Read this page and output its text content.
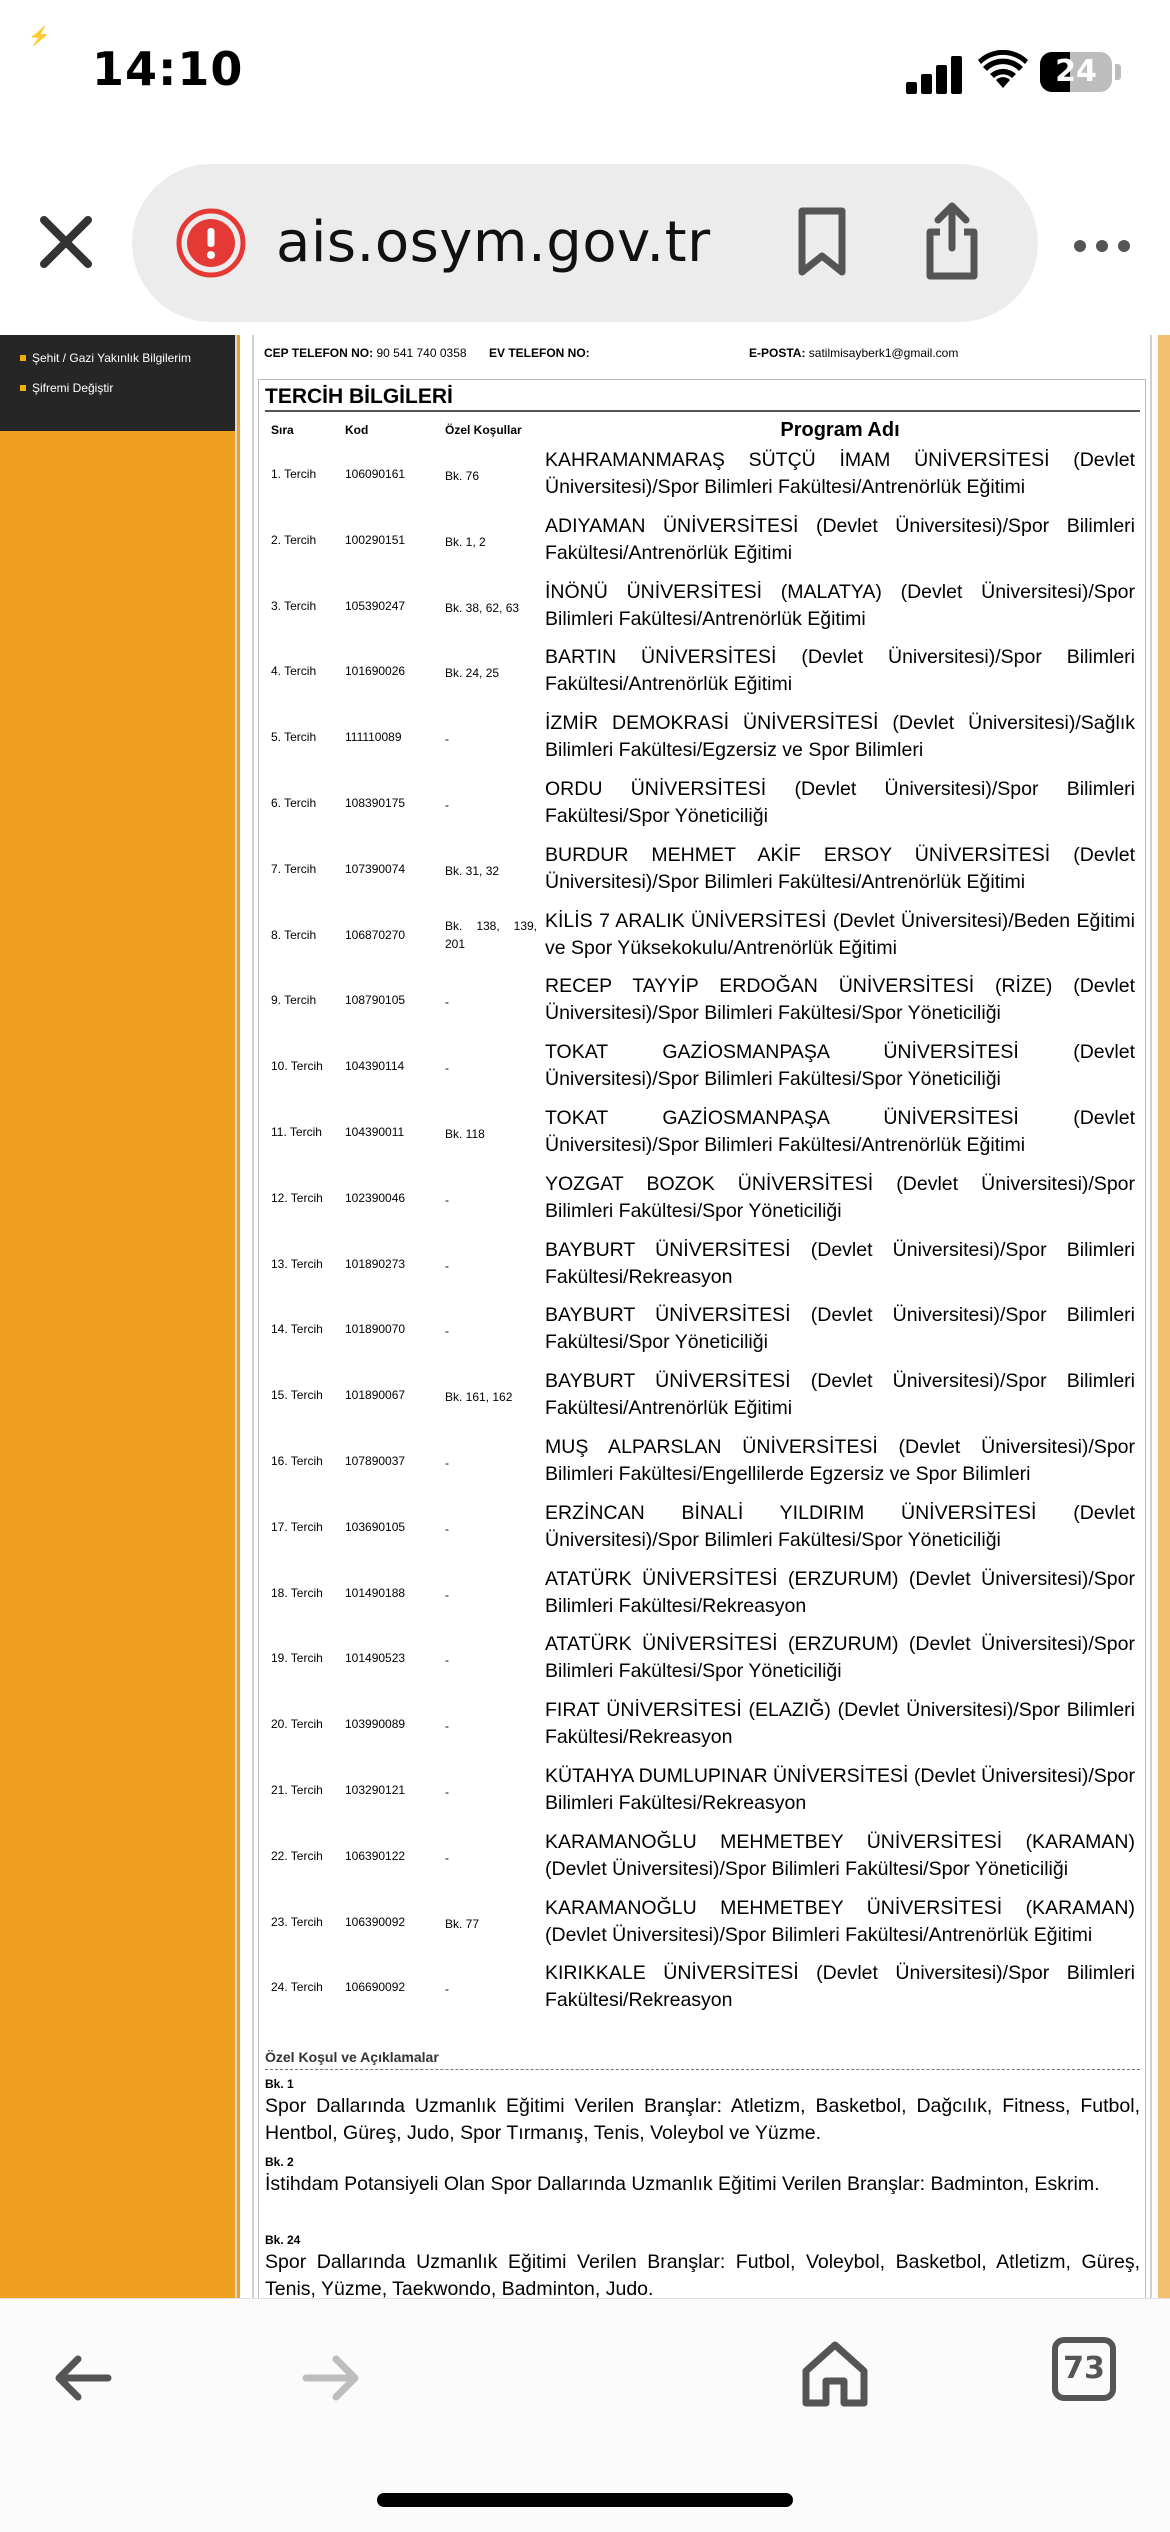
⚡
14:10	24
ais.osym.gov.tr
Şehit / Gazi Yakınlık Bilgilerim
Şifremi Değiştir
CEP TELEFON NO: 90 541 740 0358 EV TELEFON NO:	E-POSTA: satilmisayberk1@gmail.com
TERCİH BİLGİLERİ
Sıra	Kod	Özel Koşullar	Program Adı
1. Tercih 106090161	Bk. 76
KAHRAMANMARAŞ SÜTÇÜ İMAM ÜNİVERSİTESİ (Devlet Üniversitesi)/Spor Bilimleri Fakültesi/Antrenörlük Eğitimi
2. Tercih 100290151	Bk. 1, 2
ADIYAMAN ÜNİVERSİTESİ (Devlet Üniversitesi)/Spor Bilimleri Fakültesi/Antrenörlük Eğitimi
3. Tercih 105390247	Bk. 38, 62, 63
İNÖNÜ ÜNİVERSİTESİ (MALATYA) (Devlet Üniversitesi)/Spor Bilimleri Fakültesi/Antrenörlük Eğitimi
4. Tercih 101690026	Bk. 24, 25
BARTIN ÜNİVERSİTESİ (Devlet Üniversitesi)/Spor Bilimleri Fakültesi/Antrenörlük Eğitimi
5. Tercih 111110089	-
İZMİR DEMOKRASİ ÜNİVERSİTESİ (Devlet Üniversitesi)/Sağlık Bilimleri Fakültesi/Egzersiz ve Spor Bilimleri
6. Tercih 108390175	-
ORDU ÜNİVERSİTESİ (Devlet Üniversitesi)/Spor Bilimleri Fakültesi/Spor Yöneticiliği
7. Tercih 107390074	Bk. 31, 32
BURDUR MEHMET AKİF ERSOY ÜNİVERSİTESİ (Devlet Üniversitesi)/Spor Bilimleri Fakültesi/Antrenörlük Eğitimi
8. Tercih 106870270
Bk. 138, 139, 201
KİLİS 7 ARALIK ÜNİVERSİTESİ (Devlet Üniversitesi)/Beden Eğitimi ve Spor Yüksekokulu/Antrenörlük Eğitimi
9. Tercih 108790105	-
RECEP TAYYİP ERDOĞAN ÜNİVERSİTESİ (RİZE) (Devlet Üniversitesi)/Spor Bilimleri Fakültesi/Spor Yöneticiliği
10. Tercih 104390114	-
TOKAT GAZİOSMANPAŞA ÜNİVERSİTESİ (Devlet Üniversitesi)/Spor Bilimleri Fakültesi/Spor Yöneticiliği
11. Tercih 104390011	Bk. 118
TOKAT GAZİOSMANPAŞA ÜNİVERSİTESİ (Devlet Üniversitesi)/Spor Bilimleri Fakültesi/Antrenörlük Eğitimi
12. Tercih 102390046	-
YOZGAT BOZOK ÜNİVERSİTESİ (Devlet Üniversitesi)/Spor Bilimleri Fakültesi/Spor Yöneticiliği
13. Tercih 101890273	-
BAYBURT ÜNİVERSİTESİ (Devlet Üniversitesi)/Spor Bilimleri Fakültesi/Rekreasyon
14. Tercih 101890070	-
BAYBURT ÜNİVERSİTESİ (Devlet Üniversitesi)/Spor Bilimleri Fakültesi/Spor Yöneticiliği
15. Tercih 101890067	Bk. 161, 162
BAYBURT ÜNİVERSİTESİ (Devlet Üniversitesi)/Spor Bilimleri Fakültesi/Antrenörlük Eğitimi
16. Tercih 107890037	-
MUŞ ALPARSLAN ÜNİVERSİTESİ (Devlet Üniversitesi)/Spor Bilimleri Fakültesi/Engellilerde Egzersiz ve Spor Bilimleri
17. Tercih 103690105	-
ERZİNCAN BİNALİ YILDIRIM ÜNİVERSİTESİ (Devlet Üniversitesi)/Spor Bilimleri Fakültesi/Spor Yöneticiliği
18. Tercih 101490188	-
ATATÜRK ÜNİVERSİTESİ (ERZURUM) (Devlet Üniversitesi)/Spor Bilimleri Fakültesi/Rekreasyon
19. Tercih 101490523	-
ATATÜRK ÜNİVERSİTESİ (ERZURUM) (Devlet Üniversitesi)/Spor Bilimleri Fakültesi/Spor Yöneticiliği
20. Tercih 103990089	-
FIRAT ÜNİVERSİTESİ (ELAZIĞ) (Devlet Üniversitesi)/Spor Bilimleri Fakültesi/Rekreasyon
21. Tercih 103290121	-
KÜTAHYA DUMLUPINAR ÜNİVERSİTESİ (Devlet Üniversitesi)/Spor Bilimleri Fakültesi/Rekreasyon
22. Tercih 106390122	-
KARAMANOĞLU MEHMETBEY ÜNİVERSİTESİ (KARAMAN) (Devlet Üniversitesi)/Spor Bilimleri Fakültesi/Spor Yöneticiliği
23. Tercih 106390092	Bk. 77
KARAMANOĞLU MEHMETBEY ÜNİVERSİTESİ (KARAMAN) (Devlet Üniversitesi)/Spor Bilimleri Fakültesi/Antrenörlük Eğitimi
24. Tercih 106690092	-
KIRIKKALE ÜNİVERSİTESİ (Devlet Üniversitesi)/Spor Bilimleri Fakültesi/Rekreasyon
Özel Koşul ve Açıklamalar
Bk. 1
Spor Dallarında Uzmanlık Eğitimi Verilen Branşlar: Atletizm, Basketbol, Dağcılık, Fitness, Futbol, Hentbol, Güreş, Judo, Spor Tırmanış, Tenis, Voleybol ve Yüzme.
Bk. 2
İstihdam Potansiyeli Olan Spor Dallarında Uzmanlık Eğitimi Verilen Branşlar: Badminton, Eskrim.
Bk. 24
Spor Dallarında Uzmanlık Eğitimi Verilen Branşlar: Futbol, Voleybol, Basketbol, Atletizm, Güreş, Tenis, Yüzme, Taekwondo, Badminton, Judo.
73
